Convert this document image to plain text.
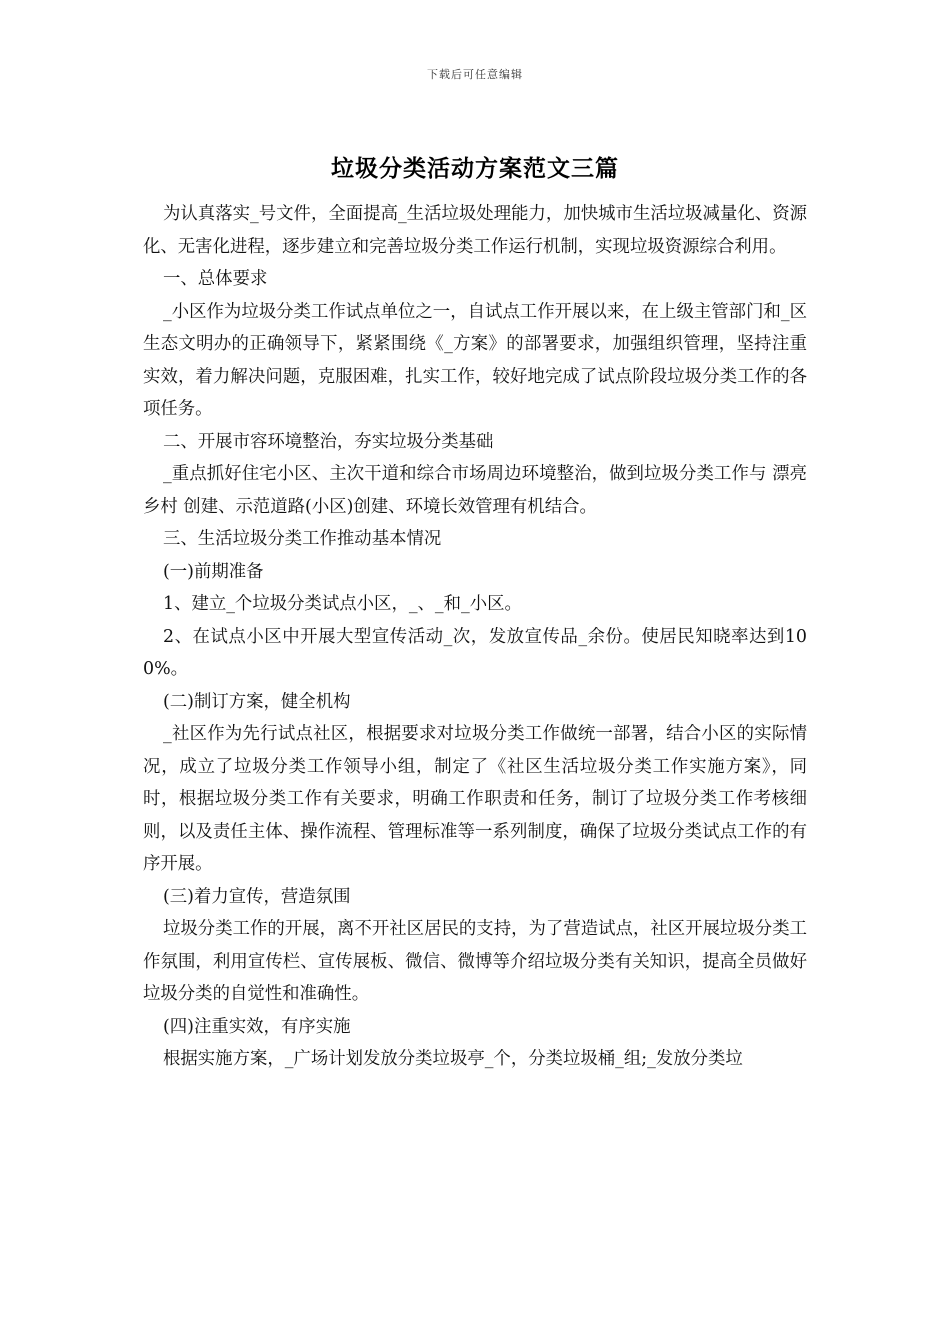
下载后可任意编辑
垃圾分类活动方案范文三篇

为认真落实_号文件，全面提高_生活垃圾处理能力，加快城市生活垃圾减量化、资源化、无害化进程，逐步建立和完善垃圾分类工作运行机制，实现垃圾资源综合利用。

一、总体要求

_小区作为垃圾分类工作试点单位之一，自试点工作开展以来，在上级主管部门和_区生态文明办的正确领导下，紧紧围绕《_方案》的部署要求，加强组织管理，坚持注重实效，着力解决问题，克服困难，扎实工作，较好地完成了试点阶段垃圾分类工作的各项任务。

二、开展市容环境整治，夯实垃圾分类基础

_重点抓好住宅小区、主次干道和综合市场周边环境整治，做到垃圾分类工作与 漂亮乡村 创建、示范道路(小区)创建、环境长效管理有机结合。

三、生活垃圾分类工作推动基本情况

(一)前期准备

1、建立_个垃圾分类试点小区，_、_和_小区。

2、在试点小区中开展大型宣传活动_次，发放宣传品_余份。使居民知晓率达到100%。

(二)制订方案，健全机构

_社区作为先行试点社区，根据要求对垃圾分类工作做统一部署，结合小区的实际情况，成立了垃圾分类工作领导小组，制定了《社区生活垃圾分类工作实施方案》，同时，根据垃圾分类工作有关要求，明确工作职责和任务，制订了垃圾分类工作考核细则，以及责任主体、操作流程、管理标准等一系列制度，确保了垃圾分类试点工作的有序开展。

(三)着力宣传，营造氛围

垃圾分类工作的开展，离不开社区居民的支持，为了营造试点，社区开展垃圾分类工作氛围，利用宣传栏、宣传展板、微信、微博等介绍垃圾分类有关知识，提高全员做好垃圾分类的自觉性和准确性。

(四)注重实效，有序实施

根据实施方案，_广场计划发放分类垃圾亭_个，分类垃圾桶_组;_发放分类垃
